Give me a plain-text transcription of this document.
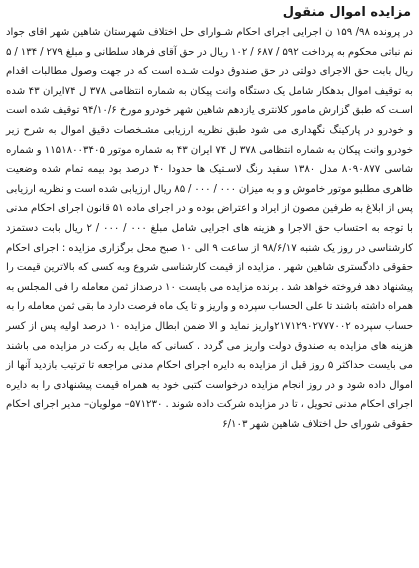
مزایده اموال منقول

در پرونده ۹۸/ ۱۵۹ ن اجرایی اجرای احکام شـوارای حل اختلاف شهرستان شاهین شهر اقای جواد نم نباتی محکوم به پرداخت ۵۹۲ / ۶۸۷ / ۱۰۲ ریال در حق آقای فرهاد سلطانی و مبلغ ۲۷۹ / ۱۳۴ / ۵ ریال بابت حق الاجرای دولتی در حق صندوق دولت شـده است که در جهت وصول مطالبات اقدام به توقیف اموال بدهکار شامل یک دستگاه وانت پیکان به شماره انتظامی ۳۷۸ ل ۷۴ایران ۴۳ شده اسـت که طبق گزارش مامور کلانتری یازدهم شاهین شهر خودرو مورخ ۹۴/۱۰/۶ توقیف شده است و خودرو در پارکینگ نگهداری می شود طبق نظریه ارزیابی مشـخصات دقیق اموال به شرح زیر خودرو وانت پیکان به شماره انتظامی ۳۷۸ ل ۷۴ ایران ۴۳ به شماره موتور ۱۱۵۱۸۰۰۳۴۰۵ و شماره شاسی ۸۰۹۰۸۷۷ مدل ۱۳۸۰ سفید رنگ لاسـتیک ها حدودا ۴۰ درصد بود بیمه تمام شده وضعیت ظاهری مطلبو موتور خاموش و و به میزان ۰۰۰ / ۰۰۰ / ۸۵ ریال ارزیابی شده است و نظریه ارزیابی پس از ابلاغ به طرفین مصون از ایراد و اعتراض بوده و در اجرای ماده ۵۱ قانون اجرای احکام مدنی با توجه به احتساب حق الاجرا و هزینه های اجرایی شامل مبلغ ۰۰۰ / ۰۰۰ / ۲ ریال بابت دستمزد کارشناسی در روز یک شنبه ۹۸/۶/۱۷ از ساعت ۹ الی ۱۰ صبح محل برگزاری مزایده : اجرای احکام حقوقی دادگستری شاهین شهر . مزایده از قیمت کارشناسی شروع وبه کسی که بالاترین قیمت را پیشنهاد دهد فروخته خواهد شد . برنده مزایده می بایست ۱۰ درصداز ثمن معامله را فی المجلس به همراه داشته باشند تا علی الحساب سپرده و واریز و تا یک ماه فرصت دارد ما بقی ثمن معامله را به حساب سپرده ۲۱۷۱۲۹۰۲۷۷۷۰۰۲واریز نماید و الا ضمن ابطال مزایده ۱۰ درصد اولیه پس از کسر هزینه های مزایده به صندوق دولت واریز می گردد . کسانی که مایل به رکت در مزایده می باشند می بایست حداکثر ۵ روز قبل از مزایده به دایره اجرای احکام مدنی مراجعه تا ترتیب بازدید آنها از اموال داده شود و در روز انجام مزایده درخواست کتبی خود به همراه قیمت پیشنهادی را به دایره اجرای احکام مدنی تحویل ، تا در مزایده شرکت داده شوند . ۵۷۱۲۳۰– مولویان– مدیر اجرای احکام حقوقی شورای حل اختلاف شاهین شهر ۶/۱۰۳
